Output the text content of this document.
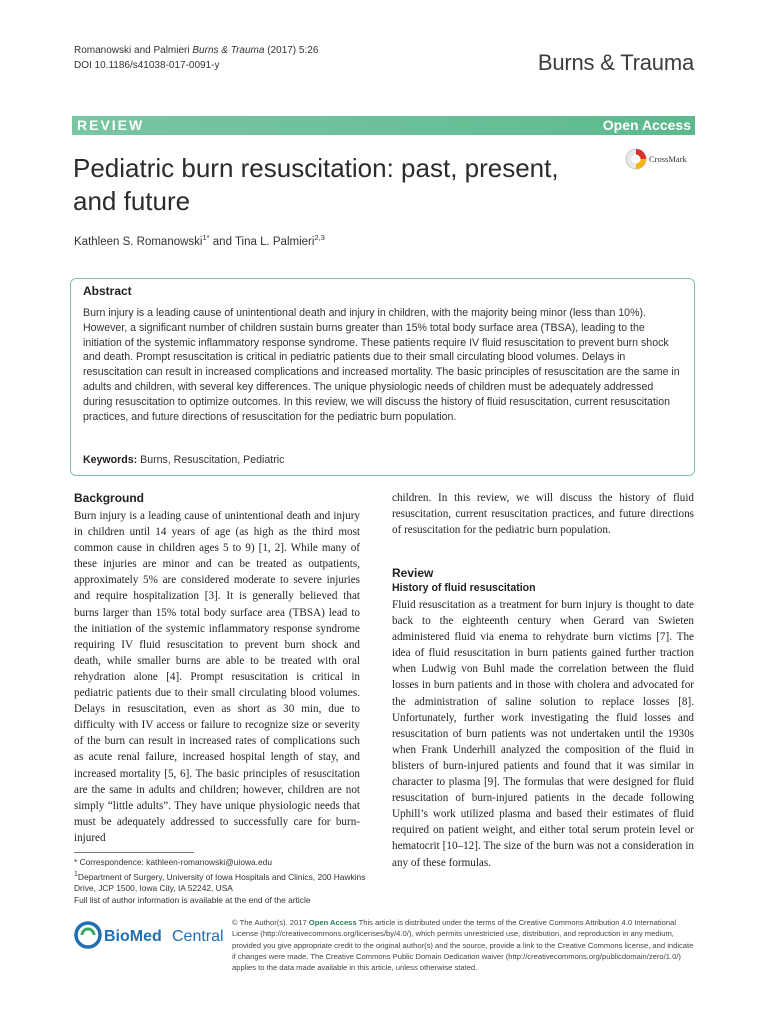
Romanowski and Palmieri Burns & Trauma (2017) 5:26
DOI 10.1186/s41038-017-0091-y	Burns & Trauma
REVIEW	Open Access
Pediatric burn resuscitation: past, present, and future
CrossMark
Kathleen S. Romanowski$^{1*}$ and Tina L. Palmieri$^{2,3}$
Abstract
Burn injury is a leading cause of unintentional death and injury in children, with the majority being minor (less than 10%). However, a significant number of children sustain burns greater than 15% total body surface area (TBSA), leading to the initiation of the systemic inflammatory response syndrome. These patients require IV fluid resuscitation to prevent burn shock and death. Prompt resuscitation is critical in pediatric patients due to their small circulating blood volumes. Delays in resuscitation can result in increased complications and increased mortality. The basic principles of resuscitation are the same in adults and children, with several key differences. The unique physiologic needs of children must be adequately addressed during resuscitation to optimize outcomes. In this review, we will discuss the history of fluid resuscitation, current resuscitation practices, and future directions of resuscitation for the pediatric burn population.
Keywords: Burns, Resuscitation, Pediatric
Background
Burn injury is a leading cause of unintentional death and injury in children until 14 years of age (as high as the third most common cause in children ages 5 to 9) [1, 2]. While many of these injuries are minor and can be treated as outpatients, approximately 5% are considered moderate to severe injuries and require hospitalization [3]. It is generally believed that burns larger than 15% total body surface area (TBSA) lead to the initiation of the systemic inflammatory response syndrome requiring IV fluid resuscitation to prevent burn shock and death, while smaller burns are able to be treated with oral rehydration alone [4]. Prompt resuscitation is critical in pediatric patients due to their small circulating blood volumes. Delays in resuscitation, even as short as 30 min, due to difficulty with IV access or failure to recognize size or severity of the burn can result in increased rates of complications such as acute renal failure, increased hospital length of stay, and increased mortality [5, 6]. The basic principles of resuscitation are the same in adults and children; however, children are not simply “little adults”. They have unique physiologic needs that must be adequately addressed to successfully care for burn-injured
children. In this review, we will discuss the history of fluid resuscitation, current resuscitation practices, and future directions of resuscitation for the pediatric burn population.
Review
History of fluid resuscitation
Fluid resuscitation as a treatment for burn injury is thought to date back to the eighteenth century when Gerard van Swieten administered fluid via enema to rehydrate burn victims [7]. The idea of fluid resuscitation in burn patients gained further traction when Ludwig von Buhl made the correlation between the fluid losses in burn patients and in those with cholera and advocated for the administration of saline solution to replace losses [8]. Unfortunately, further work investigating the fluid losses and resuscitation of burn patients was not undertaken until the 1930s when Frank Underhill analyzed the composition of the fluid in blisters of burn-injured patients and found that it was similar in character to plasma [9]. The formulas that were designed for fluid resuscitation of burn-injured patients in the decade following Uphill’s work utilized plasma and based their estimates of fluid required on patient weight, and either total serum protein level or hematocrit [10–12]. The size of the burn was not a consideration in any of these formulas.
* Correspondence: kathleen-romanowski@uiowa.edu
$^1$Department of Surgery, University of Iowa Hospitals and Clinics, 200 Hawkins Drive, JCP 1500, Iowa City, IA 52242, USA
Full list of author information is available at the end of the article
BioMed Central
© The Author(s). 2017 Open Access This article is distributed under the terms of the Creative Commons Attribution 4.0 International License (http://creativecommons.org/licenses/by/4.0/), which permits unrestricted use, distribution, and reproduction in any medium, provided you give appropriate credit to the original author(s) and the source, provide a link to the Creative Commons license, and indicate if changes were made. The Creative Commons Public Domain Dedication waiver (http://creativecommons.org/publicdomain/zero/1.0/) applies to the data made available in this article, unless otherwise stated.
